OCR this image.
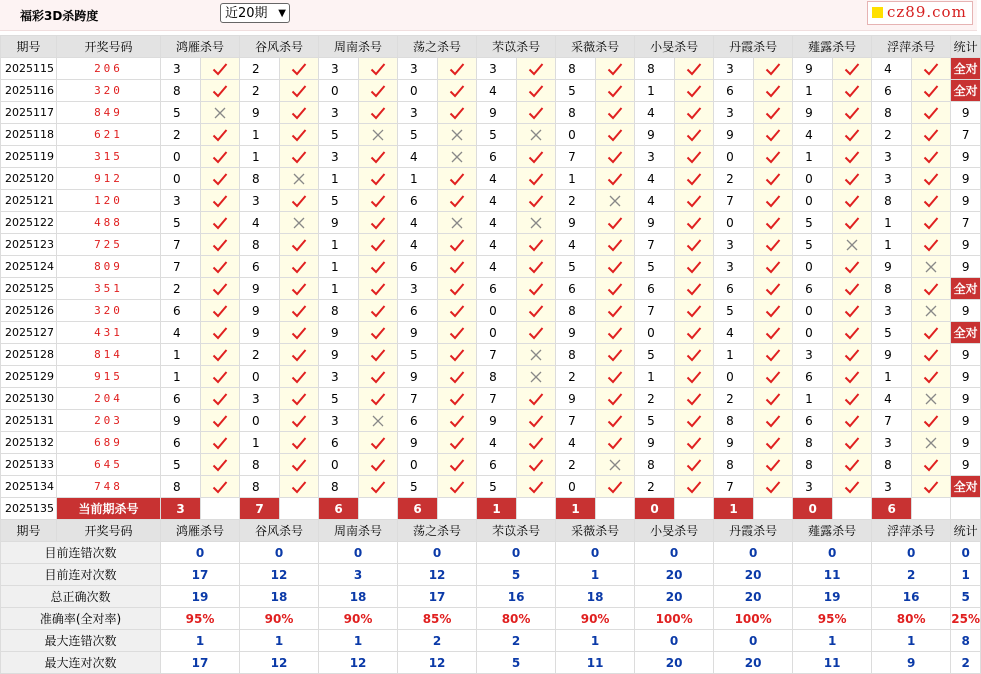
福彩3D杀跨度	近20期 ▼	cz89.com
期号	开奖号码	鸿雁杀号		谷风杀号		周南杀号		荡之杀号		芣苡杀号		采薇杀号		小旻杀号		丹霞杀号		薤露杀号		浮萍杀号		统计
2025115	206	3		2		3		3		3		8		8		3		9		4		全对
2025116	320	8		2		0		0		4		5		1		6		1		6		全对
2025117	849	5		9		3		3		9		8		4		3		9		8		9
2025118	621	2		1		5		5		5		0		9		9		4		2		7
2025119	315	0		1		3		4		6		7		3		0		1		3		9
2025120	912	0		8		1		1		4		1		4		2		0		3		9
2025121	120	3		3		5		6		4		2		4		7		0		8		9
2025122	488	5		4		9		4		4		9		9		0		5		1		7
2025123	725	7		8		1		4		4		4		7		3		5		1		9
2025124	809	7		6		1		6		4		5		5		3		0		9		9
2025125	351	2		9		1		3		6		6		6		6		6		8		全对
2025126	320	6		9		8		6		0		8		7		5		0		3		9
2025127	431	4		9		9		9		0		9		0		4		0		5		全对
2025128	814	1		2		9		5		7		8		5		1		3		9		9
2025129	915	1		0		3		9		8		2		1		0		6		1		9
2025130	204	6		3		5		7		7		9		2		2		1		4		9
2025131	203	9		0		3		6		9		7		5		8		6		7		9
2025132	689	6		1		6		9		4		4		9		9		8		3		9
2025133	645	5		8		0		0		6		2		8		8		8		8		9
2025134	748	8		8		8		5		5		0		2		7		3		3		全对
2025135	当前期杀号	3		7		6		6		1		1		0		1		0		6		
期号	开奖号码	鸿雁杀号		谷风杀号		周南杀号		荡之杀号		芣苡杀号		采薇杀号		小旻杀号		丹霞杀号		薤露杀号		浮萍杀号		统计
目前连错次数		0		0		0		0		0		0		0		0		0		0		0
目前连对次数		17		12		3		12		5		1		20		20		11		2		1
总正确次数		19		18		18		17		16		18		20		20		19		16		5
准确率(全对率)		95%		90%		90%		85%		80%		90%		100%		100%		95%		80%		25%
最大连错次数		1		1		1		2		2		1		0		0		1		1		8
最大连对次数		17		12		12		12		5		11		20		20		11		9		2
